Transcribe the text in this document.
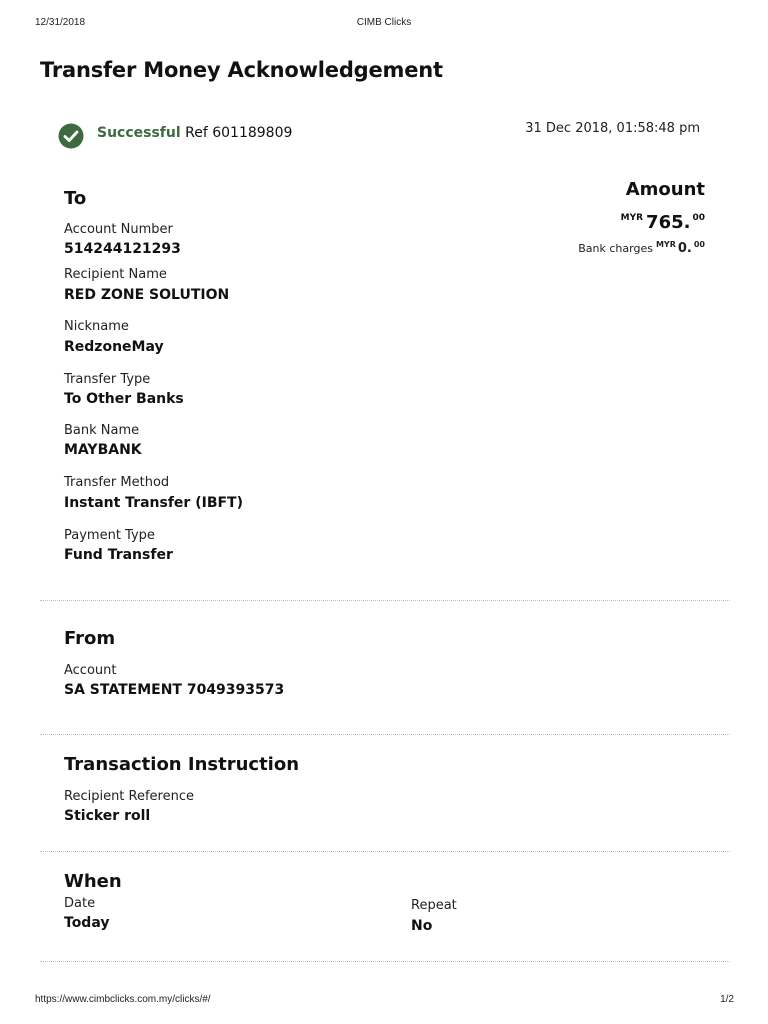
12/31/2018	CIMB Clicks
Transfer Money Acknowledgement
Successful Ref 601189809	31 Dec 2018, 01:58:48 pm
To
Account Number
514244121293
Recipient Name
RED ZONE SOLUTION
Nickname
RedzoneMay
Transfer Type
To Other Banks
Bank Name
MAYBANK
Transfer Method
Instant Transfer (IBFT)
Payment Type
Fund Transfer
Amount
$^{MYR}$ 765. $^{00}$
Bank charges $^{MYR}$ 0. $^{00}$
From
Account
SA STATEMENT 7049393573
Transaction Instruction
Recipient Reference
Sticker roll
When
Date
Today
Repeat
No
https://www.cimbclicks.com.my/clicks/#/	1/2
